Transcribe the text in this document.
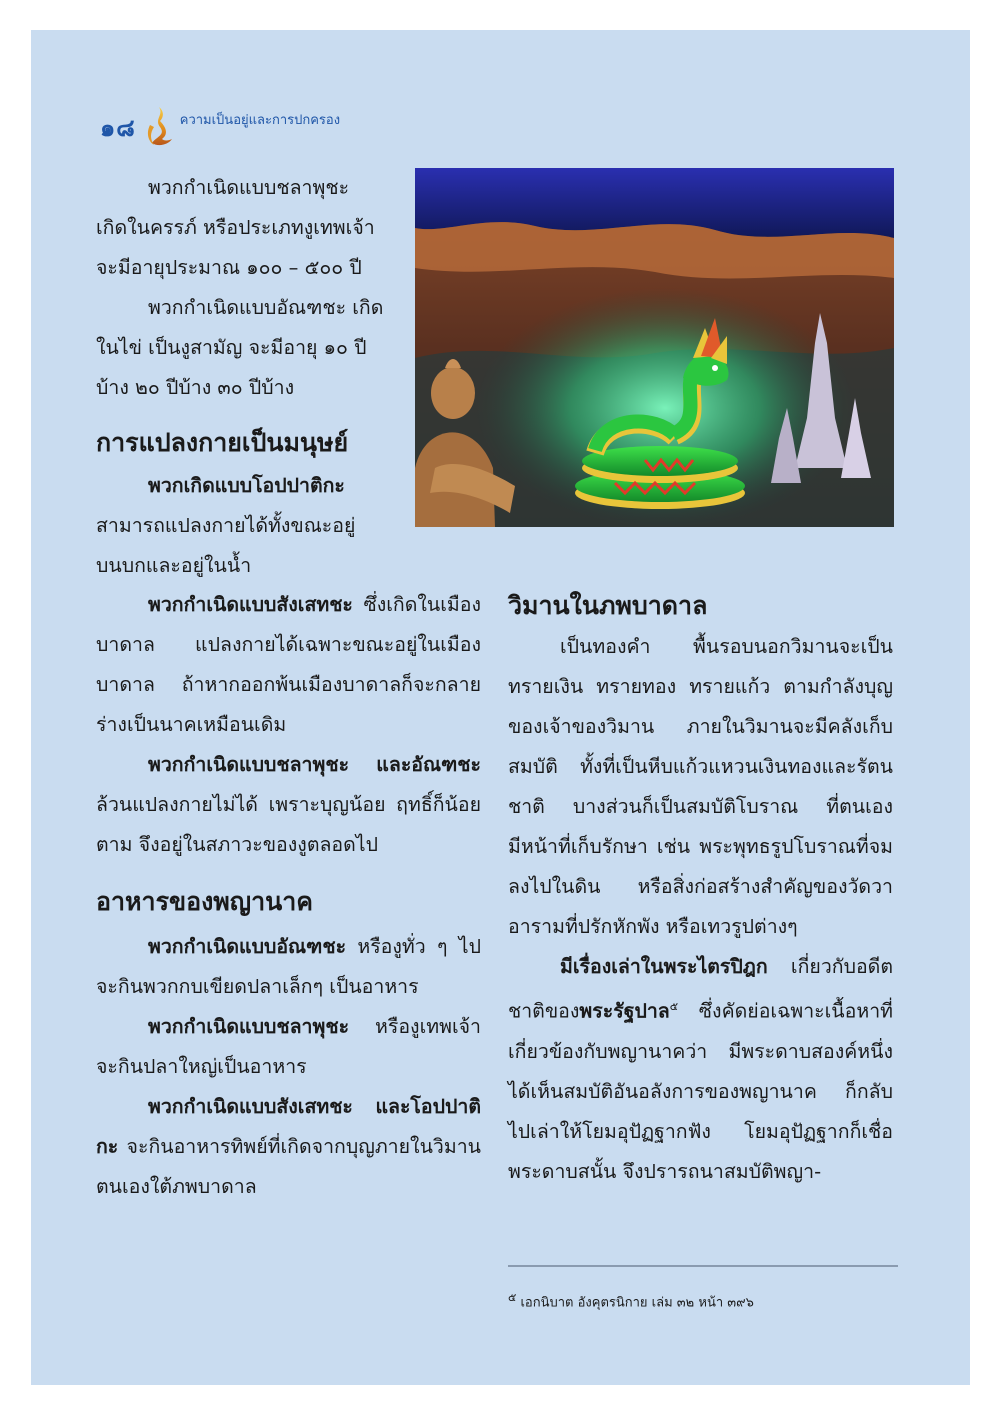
๑๘	ความเป็นอยู่และการปกครอง

พวกกำเนิดแบบชลาพุชะ

เกิดในครรภ์ หรือประเภทงูเทพเจ้า

จะมีอายุประมาณ ๑๐๐ – ๕๐๐ ปี

พวกกำเนิดแบบอัณฑชะ เกิด

ในไข่ เป็นงูสามัญ จะมีอายุ ๑๐ ปี

บ้าง ๒๐ ปีบ้าง ๓๐ ปีบ้าง

การแปลงกายเป็นมนุษย์

พวกเกิดแบบโอปปาติกะ

สามารถแปลงกายได้ทั้งขณะอยู่

บนบกและอยู่ในน้ำ

พวกกำเนิดแบบสังเสทชะ ซึ่งเกิดในเมืองบาดาล แปลงกายได้เฉพาะขณะอยู่ในเมืองบาดาล ถ้าหากออกพ้นเมืองบาดาลก็จะกลายร่างเป็นนาคเหมือนเดิม

พวกกำเนิดแบบชลาพุชะ และอัณฑชะ ล้วนแปลงกายไม่ได้ เพราะบุญน้อย ฤทธิ์ก็น้อยตาม จึงอยู่ในสภาวะของงูตลอดไป

อาหารของพญานาค

พวกกำเนิดแบบอัณฑชะ หรืองูทั่ว ๆ ไป จะกินพวกกบเขียดปลาเล็กๆ เป็นอาหาร

พวกกำเนิดแบบชลาพุชะ หรืองูเทพเจ้า จะกินปลาใหญ่เป็นอาหาร

พวกกำเนิดแบบสังเสทชะ และโอปปาติกะ จะกินอาหารทิพย์ที่เกิดจากบุญภายในวิมานตนเองใต้ภพบาดาล

วิมานในภพบาดาล

เป็นทองคำ พื้นรอบนอกวิมานจะเป็นทรายเงิน ทรายทอง ทรายแก้ว ตามกำลังบุญของเจ้าของวิมาน ภายในวิมานจะมีคลังเก็บสมบัติ ทั้งที่เป็นหีบแก้วแหวนเงินทองและรัตนชาติ บางส่วนก็เป็นสมบัติโบราณ ที่ตนเองมีหน้าที่เก็บรักษา เช่น พระพุทธรูปโบราณที่จมลงไปในดิน หรือสิ่งก่อสร้างสำคัญของวัดวาอารามที่ปรักหักพัง หรือเทวรูปต่างๆ

มีเรื่องเล่าในพระไตรปิฎก เกี่ยวกับอดีตชาติของพระรัฐปาล$^๕$ ซึ่งคัดย่อเฉพาะเนื้อหาที่เกี่ยวข้องกับพญานาคว่า มีพระดาบสองค์หนึ่งได้เห็นสมบัติอันอลังการของพญานาค ก็กลับไปเล่าให้โยมอุปัฏฐากฟัง โยมอุปัฏฐากก็เชื่อพระดาบสนั้น จึงปรารถนาสมบัติพญา-

$^๕$ เอกนิบาต อังคุตรนิกาย เล่ม ๓๒ หน้า ๓๙๖
